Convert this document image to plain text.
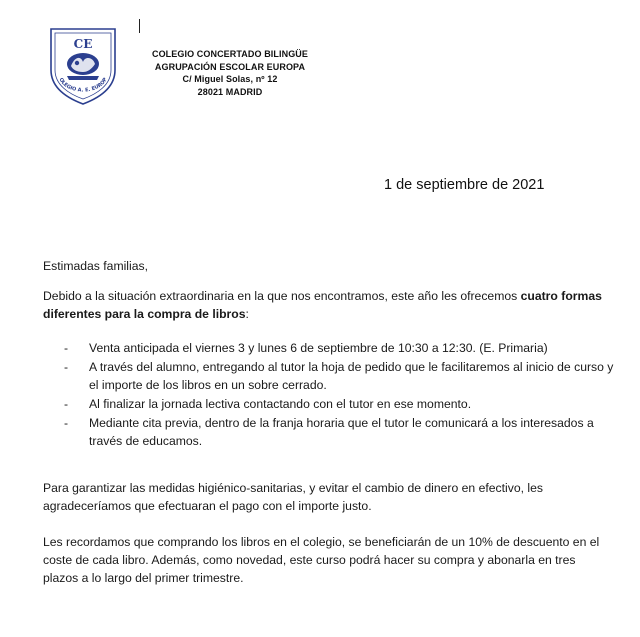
CE
OLEGIO A. E. EUROP
COLEGIO CONCERTADO BILINGÜE
AGRUPACIÓN ESCOLAR EUROPA
C/ Miguel Solas, nº 12
28021 MADRID
1 de septiembre de 2021
Estimadas familias,
Debido a la situación extraordinaria en la que nos encontramos, este año les ofrecemos cuatro formas diferentes para la compra de libros:
- Venta anticipada el viernes 3 y lunes 6 de septiembre de 10:30 a 12:30. (E. Primaria)
- A través del alumno, entregando al tutor la hoja de pedido que le facilitaremos al inicio de curso y el importe de los libros en un sobre cerrado.
- Al finalizar la jornada lectiva contactando con el tutor en ese momento.
- Mediante cita previa, dentro de la franja horaria que el tutor le comunicará a los interesados a través de educamos.
Para garantizar las medidas higiénico-sanitarias, y evitar el cambio de dinero en efectivo, les agradeceríamos que efectuaran el pago con el importe justo.
Les recordamos que comprando los libros en el colegio, se beneficiarán de un 10% de descuento en el coste de cada libro. Además, como novedad, este curso podrá hacer su compra y abonarla en tres plazos a lo largo del primer trimestre.
